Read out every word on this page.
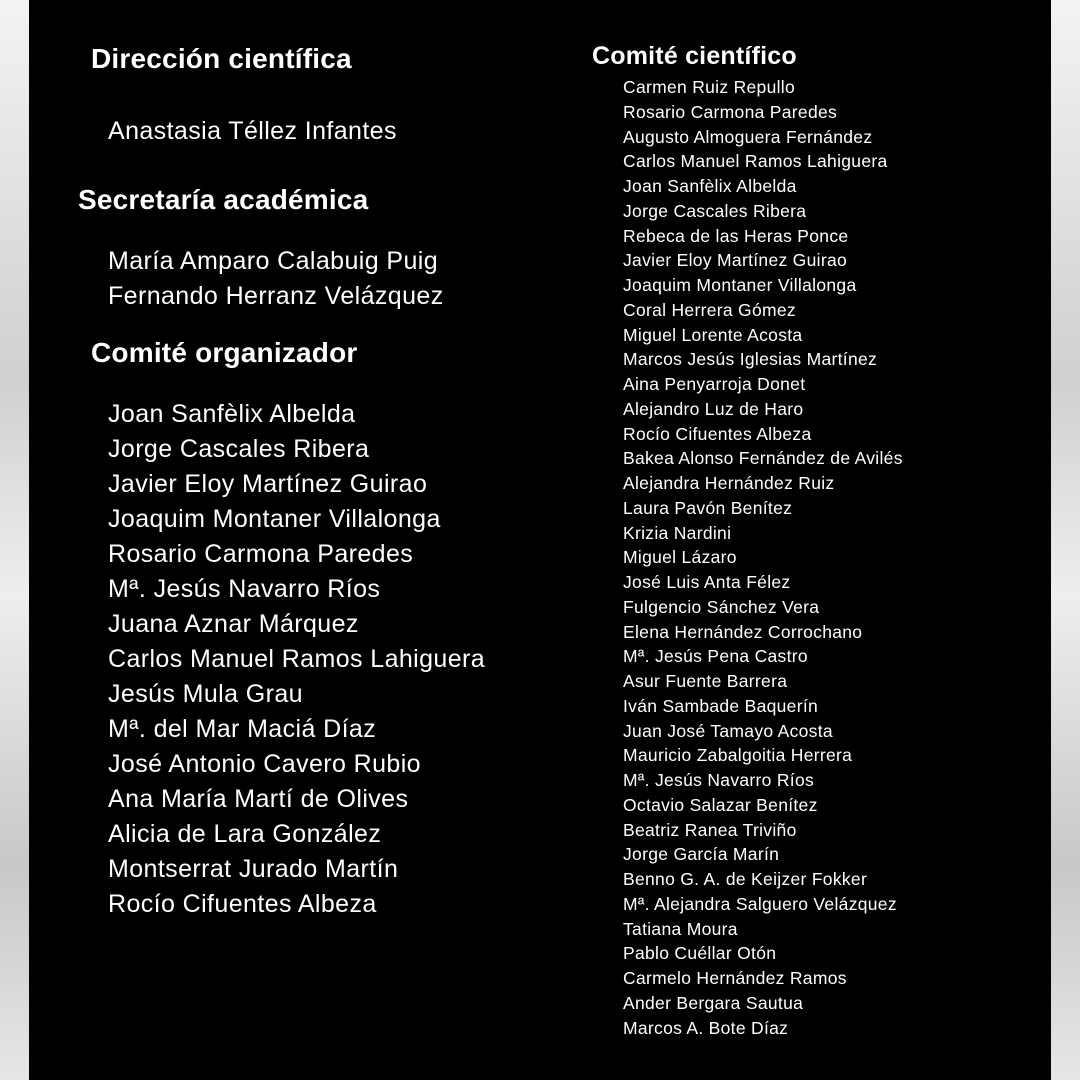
Dirección científica
Anastasia Téllez Infantes
Secretaría académica
María Amparo Calabuig Puig
Fernando Herranz Velázquez
Comité organizador
Joan Sanfèlix Albelda
Jorge Cascales Ribera
Javier Eloy Martínez Guirao
Joaquim Montaner Villalonga
Rosario Carmona Paredes
Mª. Jesús Navarro Ríos
Juana Aznar Márquez
Carlos Manuel Ramos Lahiguera
Jesús Mula Grau
Mª. del Mar Maciá Díaz
José Antonio Cavero Rubio
Ana María Martí de Olives
Alicia de Lara González
Montserrat Jurado Martín
Rocío Cifuentes Albeza
Comité científico
Carmen Ruiz Repullo
Rosario Carmona Paredes
Augusto Almoguera Fernández
Carlos Manuel Ramos Lahiguera
Joan Sanfèlix Albelda
Jorge Cascales Ribera
Rebeca de las Heras Ponce
Javier Eloy Martínez Guirao
Joaquim Montaner Villalonga
Coral Herrera Gómez
Miguel Lorente Acosta
Marcos Jesús Iglesias Martínez
Aina Penyarroja Donet
Alejandro Luz de Haro
Rocío Cifuentes Albeza
Bakea Alonso Fernández de Avilés
Alejandra Hernández Ruiz
Laura Pavón Benítez
Krizia Nardini
Miguel Lázaro
José Luis Anta Félez
Fulgencio Sánchez Vera
Elena Hernández Corrochano
Mª. Jesús Pena Castro
Asur Fuente Barrera
Iván Sambade Baquerín
Juan José Tamayo Acosta
Mauricio Zabalgoitia Herrera
Mª. Jesús Navarro Ríos
Octavio Salazar Benítez
Beatriz Ranea Triviño
Jorge García Marín
Benno G. A. de Keijzer Fokker
Mª. Alejandra Salguero Velázquez
Tatiana Moura
Pablo Cuéllar Otón
Carmelo Hernández Ramos
Ander Bergara Sautua
Marcos A. Bote Díaz
